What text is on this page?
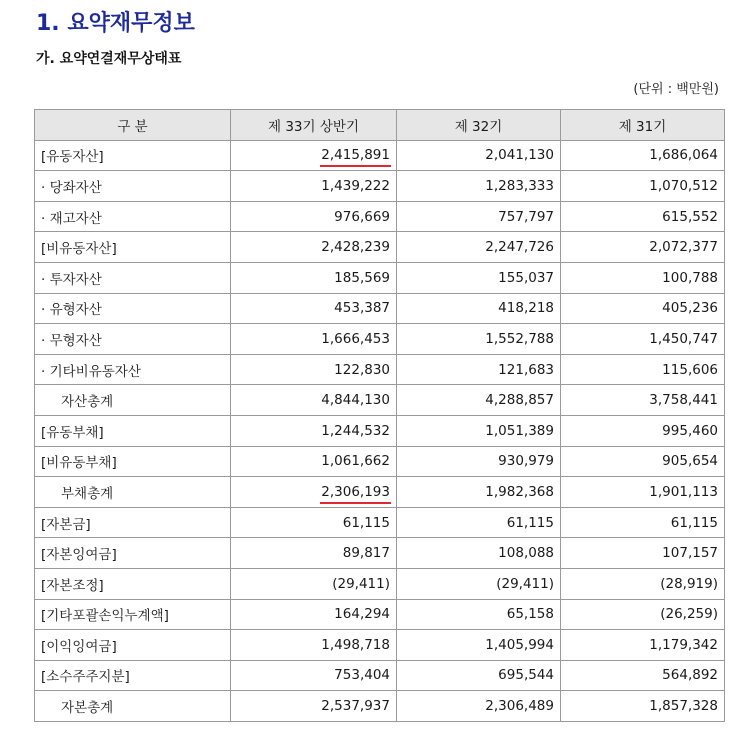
1. 요약재무정보
가. 요약연결재무상태표
(단위 : 백만원)
구 분	제 33기 상반기	제 32기	제 31기
[유동자산]	2,415,891	2,041,130	1,686,064
· 당좌자산	1,439,222	1,283,333	1,070,512
· 재고자산	976,669	757,797	615,552
[비유동자산]	2,428,239	2,247,726	2,072,377
· 투자자산	185,569	155,037	100,788
· 유형자산	453,387	418,218	405,236
· 무형자산	1,666,453	1,552,788	1,450,747
· 기타비유동자산	122,830	121,683	115,606
자산총계	4,844,130	4,288,857	3,758,441
[유동부채]	1,244,532	1,051,389	995,460
[비유동부채]	1,061,662	930,979	905,654
부채총계	2,306,193	1,982,368	1,901,113
[자본금]	61,115	61,115	61,115
[자본잉여금]	89,817	108,088	107,157
[자본조정]	(29,411)	(29,411)	(28,919)
[기타포괄손익누계액]	164,294	65,158	(26,259)
[이익잉여금]	1,498,718	1,405,994	1,179,342
[소수주주지분]	753,404	695,544	564,892
자본총계	2,537,937	2,306,489	1,857,328
